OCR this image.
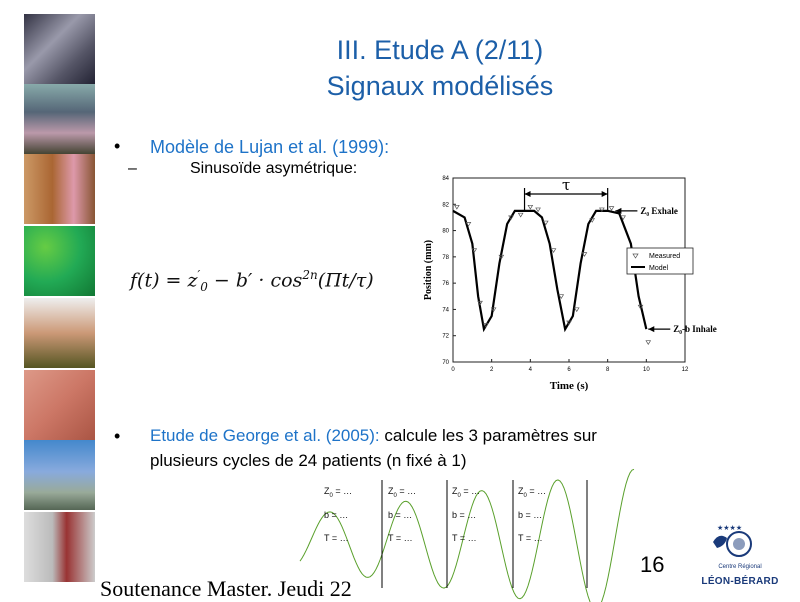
III. Etude A (2/11)
Signaux modélisés
• Modèle de Lujan et al. (1999):
–	Sinusoïde asymétrique:
$f(t) = z'_0 - b' \cdot \cos^{2n}(\Pi t/\tau)$
0	2	4	6	8	10	12
70
72
74
76
78
80
82
84
Time (s)
Position (mm)
τ
Z₀ Exhale
Z₀-b Inhale
Measured
Model
• Etude de George et al. (2005): calcule les 3 paramètres sur
plusieurs cycles de 24 patients (n fixé à 1)
$Z_0$ = …
b = …
T = …
$Z_0$ = …
b = …
T = …
$Z_0$ = …
b = …
T = …
$Z_0$ = …
b = …
T = …
Soutenance Master. Jeudi 22
16
★★★★
Centre Régional
LÉON-BÉRARD
